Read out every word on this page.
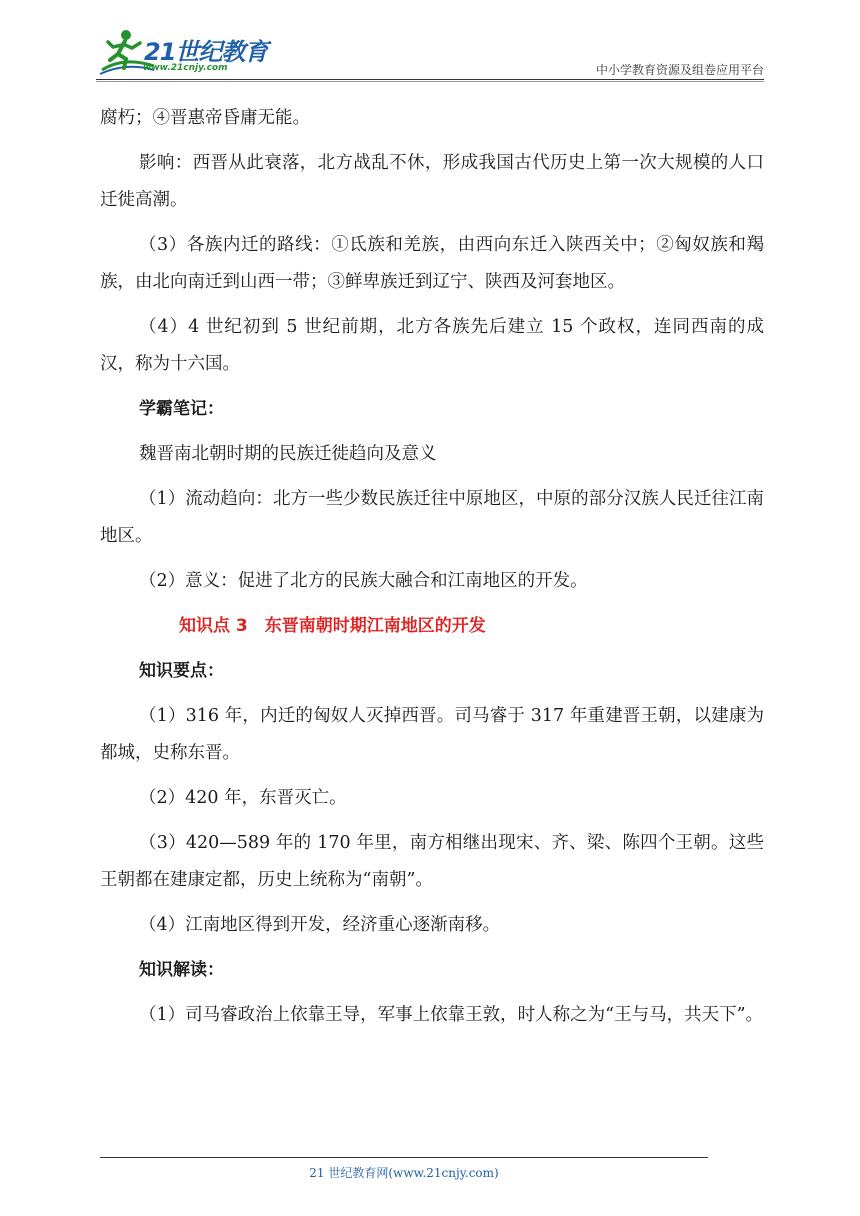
21世纪教育
www.21cnjy.com	中小学教育资源及组卷应用平台

腐朽；④晋惠帝昏庸无能。

影响：西晋从此衰落，北方战乱不休，形成我国古代历史上第一次大规模的人口迁徙高潮。

（3）各族内迁的路线：①氐族和羌族，由西向东迁入陕西关中；②匈奴族和羯族，由北向南迁到山西一带；③鲜卑族迁到辽宁、陕西及河套地区。

（4）4 世纪初到 5 世纪前期，北方各族先后建立 15 个政权，连同西南的成汉，称为十六国。

学霸笔记：

魏晋南北朝时期的民族迁徙趋向及意义

（1）流动趋向：北方一些少数民族迁往中原地区，中原的部分汉族人民迁往江南地区。

（2）意义：促进了北方的民族大融合和江南地区的开发。

知识点 3　东晋南朝时期江南地区的开发

知识要点：

（1）316 年，内迁的匈奴人灭掉西晋。司马睿于 317 年重建晋王朝，以建康为都城，史称东晋。

（2）420 年，东晋灭亡。

（3）420—589 年的 170 年里，南方相继出现宋、齐、梁、陈四个王朝。这些王朝都在建康定都，历史上统称为“南朝”。

（4）江南地区得到开发，经济重心逐渐南移。

知识解读：

（1）司马睿政治上依靠王导，军事上依靠王敦，时人称之为“王与马，共天下”。

21 世纪教育网(www.21cnjy.com)
